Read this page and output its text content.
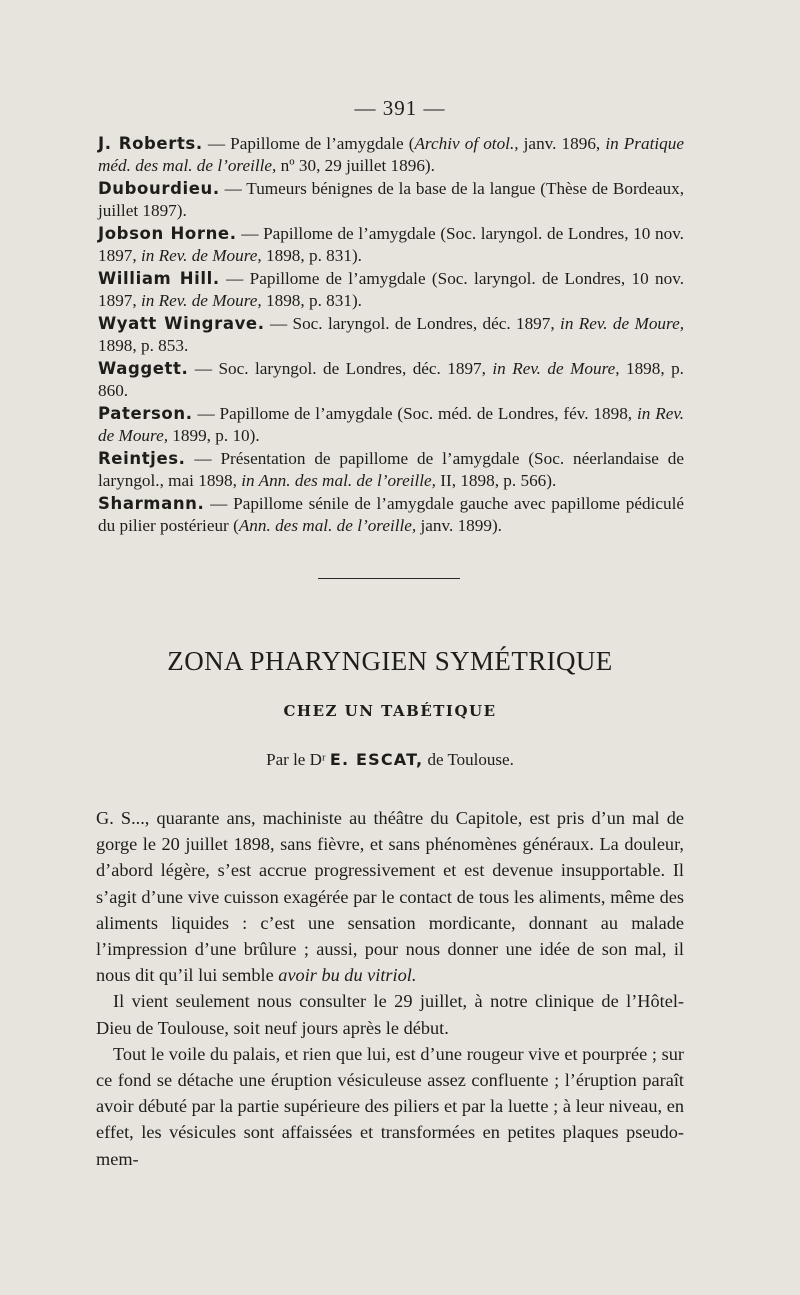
— 391 —

J. Roberts. — Papillome de l’amygdale (Archiv of otol., janv. 1896, in Pratique méd. des mal. de l’oreille, nº 30, 29 juillet 1896).

Dubourdieu. — Tumeurs bénignes de la base de la langue (Thèse de Bordeaux, juillet 1897).

Jobson Horne. — Papillome de l’amygdale (Soc. laryngol. de Londres, 10 nov. 1897, in Rev. de Moure, 1898, p. 831).

William Hill. — Papillome de l’amygdale (Soc. laryngol. de Londres, 10 nov. 1897, in Rev. de Moure, 1898, p. 831).

Wyatt Wingrave. — Soc. laryngol. de Londres, déc. 1897, in Rev. de Moure, 1898, p. 853.

Waggett. — Soc. laryngol. de Londres, déc. 1897, in Rev. de Moure, 1898, p. 860.

Paterson. — Papillome de l’amygdale (Soc. méd. de Londres, fév. 1898, in Rev. de Moure, 1899, p. 10).

Reintjes. — Présentation de papillome de l’amygdale (Soc. néerlandaise de laryngol., mai 1898, in Ann. des mal. de l’oreille, II, 1898, p. 566).

Sharmann. — Papillome sénile de l’amygdale gauche avec papillome pédiculé du pilier postérieur (Ann. des mal. de l’oreille, janv. 1899).

ZONA PHARYNGIEN SYMÉTRIQUE
CHEZ UN TABÉTIQUE
Par le Dʳ E. ESCAT, de Toulouse.

G. S..., quarante ans, machiniste au théâtre du Capitole, est pris d’un mal de gorge le 20 juillet 1898, sans fièvre, et sans phénomènes généraux. La douleur, d’abord légère, s’est accrue progressivement et est devenue insupportable. Il s’agit d’une vive cuisson exagérée par le contact de tous les aliments, même des aliments liquides : c’est une sensation mordicante, donnant au malade l’impression d’une brûlure ; aussi, pour nous donner une idée de son mal, il nous dit qu’il lui semble avoir bu du vitriol.

Il vient seulement nous consulter le 29 juillet, à notre clinique de l’Hôtel-Dieu de Toulouse, soit neuf jours après le début.

Tout le voile du palais, et rien que lui, est d’une rougeur vive et pourprée ; sur ce fond se détache une éruption vésiculeuse assez confluente ; l’éruption paraît avoir débuté par la partie supérieure des piliers et par la luette ; à leur niveau, en effet, les vésicules sont affaissées et transformées en petites plaques pseudo-mem-
